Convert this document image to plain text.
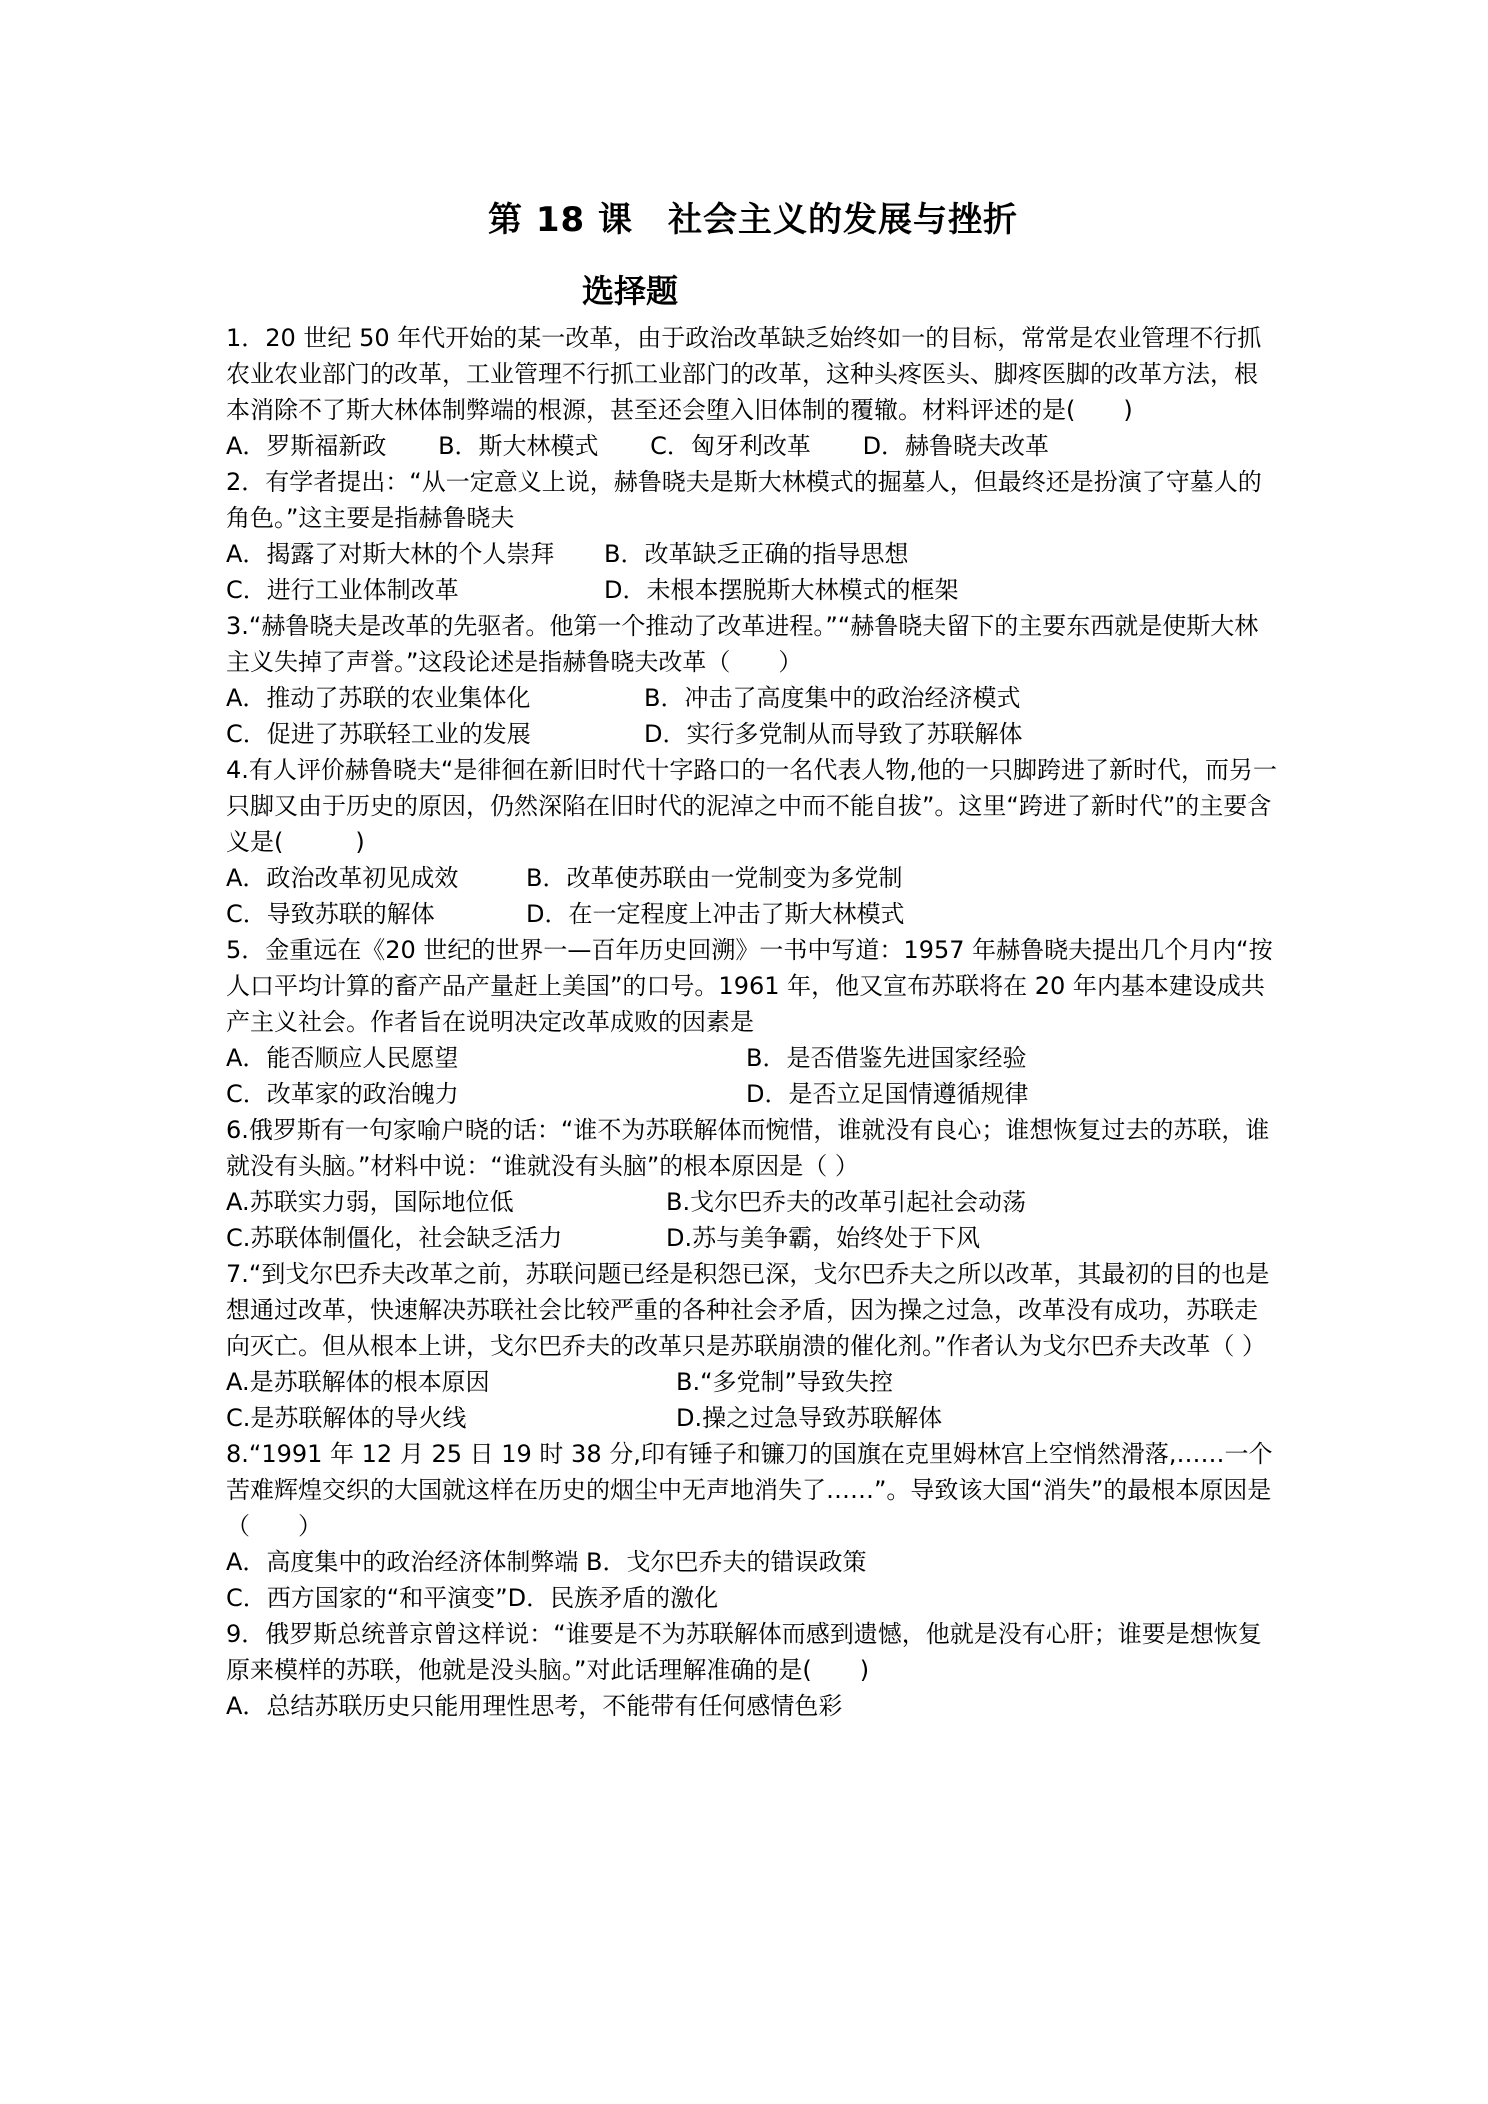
第 18 课　社会主义的发展与挫折
选择题

1．20 世纪 50 年代开始的某一改革，由于政治改革缺乏始终如一的目标，常常是农业管理不行抓农业农业部门的改革，工业管理不行抓工业部门的改革，这种头疼医头、脚疼医脚的改革方法，根本消除不了斯大林体制弊端的根源，甚至还会堕入旧体制的覆辙。材料评述的是(　　)

A．罗斯福新政 B．斯大林模式 C．匈牙利改革 D．赫鲁晓夫改革

2．有学者提出：“从一定意义上说，赫鲁晓夫是斯大林模式的掘墓人，但最终还是扮演了守墓人的角色。”这主要是指赫鲁晓夫

A．揭露了对斯大林的个人崇拜	B．改革缺乏正确的指导思想
C．进行工业体制改革	D．未根本摆脱斯大林模式的框架

3.“赫鲁晓夫是改革的先驱者。他第一个推动了改革进程。”“赫鲁晓夫留下的主要东西就是使斯大林主义失掉了声誉。”这段论述是指赫鲁晓夫改革（　　）

A．推动了苏联的农业集体化	B．冲击了高度集中的政治经济模式
C．促进了苏联轻工业的发展	D．实行多党制从而导致了苏联解体

4.有人评价赫鲁晓夫“是徘徊在新旧时代十字路口的一名代表人物,他的一只脚跨进了新时代，而另一只脚又由于历史的原因，仍然深陷在旧时代的泥淖之中而不能自拔”。这里“跨进了新时代”的主要含义是(　　　)

A．政治改革初见成效	B．改革使苏联由一党制变为多党制
C．导致苏联的解体	D．在一定程度上冲击了斯大林模式

5．金重远在《20 世纪的世界一—百年历史回溯》一书中写道：1957 年赫鲁晓夫提出几个月内“按人口平均计算的畜产品产量赶上美国”的口号。1961 年，他又宣布苏联将在 20 年内基本建设成共产主义社会。作者旨在说明决定改革成败的因素是

A．能否顺应人民愿望	B．是否借鉴先进国家经验
C．改革家的政治魄力	D．是否立足国情遵循规律

6.俄罗斯有一句家喻户晓的话：“谁不为苏联解体而惋惜，谁就没有良心；谁想恢复过去的苏联，谁就没有头脑。”材料中说：“谁就没有头脑”的根本原因是（ ）

A.苏联实力弱，国际地位低	B.戈尔巴乔夫的改革引起社会动荡
C.苏联体制僵化，社会缺乏活力	D.苏与美争霸，始终处于下风

7.“到戈尔巴乔夫改革之前，苏联问题已经是积怨已深，戈尔巴乔夫之所以改革，其最初的目的也是想通过改革，快速解决苏联社会比较严重的各种社会矛盾，因为操之过急，改革没有成功，苏联走向灭亡。但从根本上讲，戈尔巴乔夫的改革只是苏联崩溃的催化剂。”作者认为戈尔巴乔夫改革（ ）

A.是苏联解体的根本原因	B.“多党制”导致失控
C.是苏联解体的导火线	D.操之过急导致苏联解体

8.“1991 年 12 月 25 日 19 时 38 分,印有锤子和镰刀的国旗在克里姆林宫上空悄然滑落,……一个苦难辉煌交织的大国就这样在历史的烟尘中无声地消失了……”。导致该大国“消失”的最根本原因是（　　）

A．高度集中的政治经济体制弊端 B．戈尔巴乔夫的错误政策
C．西方国家的“和平演变”D．民族矛盾的激化

9．俄罗斯总统普京曾这样说：“谁要是不为苏联解体而感到遗憾，他就是没有心肝；谁要是想恢复原来模样的苏联，他就是没头脑。”对此话理解准确的是(　　)

A．总结苏联历史只能用理性思考，不能带有任何感情色彩
